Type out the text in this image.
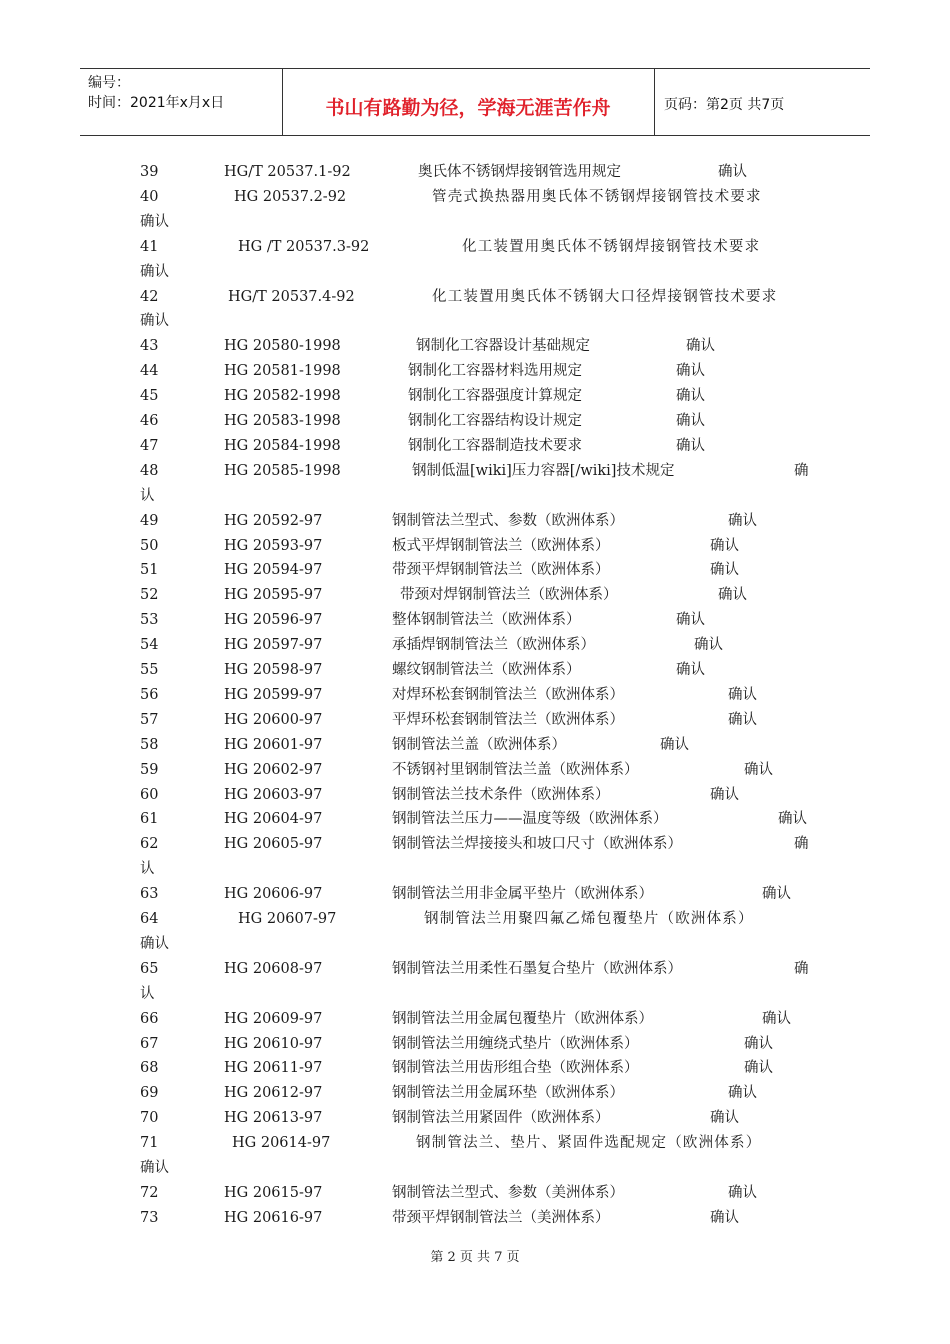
编号：
时间：2021年x月x日	书山有路勤为径，学海无涯苦作舟	页码：第2页 共7页
39	HG/T 20537.1-92	奥氏体不锈钢焊接钢管选用规定	确认
40	HG 20537.2-92	管壳式换热器用奥氏体不锈钢焊接钢管技术要求
确认
41	HG /T 20537.3-92	化工装置用奥氏体不锈钢焊接钢管技术要求
确认
42	HG/T 20537.4-92	化工装置用奥氏体不锈钢大口径焊接钢管技术要求
确认
43	HG 20580-1998	钢制化工容器设计基础规定	确认
44	HG 20581-1998	钢制化工容器材料选用规定	确认
45	HG 20582-1998	钢制化工容器强度计算规定	确认
46	HG 20583-1998	钢制化工容器结构设计规定	确认
47	HG 20584-1998	钢制化工容器制造技术要求	确认
48	HG 20585-1998	钢制低温[wiki]压力容器[/wiki]技术规定	确
认
49	HG 20592-97	钢制管法兰型式、参数（欧洲体系）	确认
50	HG 20593-97	板式平焊钢制管法兰（欧洲体系）	确认
51	HG 20594-97	带颈平焊钢制管法兰（欧洲体系）	确认
52	HG 20595-97	带颈对焊钢制管法兰（欧洲体系）	确认
53	HG 20596-97	整体钢制管法兰（欧洲体系）	确认
54	HG 20597-97	承插焊钢制管法兰（欧洲体系）	确认
55	HG 20598-97	螺纹钢制管法兰（欧洲体系）	确认
56	HG 20599-97	对焊环松套钢制管法兰（欧洲体系）	确认
57	HG 20600-97	平焊环松套钢制管法兰（欧洲体系）	确认
58	HG 20601-97	钢制管法兰盖（欧洲体系）	确认
59	HG 20602-97	不锈钢衬里钢制管法兰盖（欧洲体系）	确认
60	HG 20603-97	钢制管法兰技术条件（欧洲体系）	确认
61	HG 20604-97	钢制管法兰压力——温度等级（欧洲体系）	确认
62	HG 20605-97	钢制管法兰焊接接头和坡口尺寸（欧洲体系）	确
认
63	HG 20606-97	钢制管法兰用非金属平垫片（欧洲体系）	确认
64	HG 20607-97	钢制管法兰用聚四氟乙烯包覆垫片（欧洲体系）
确认
65	HG 20608-97	钢制管法兰用柔性石墨复合垫片（欧洲体系）	确
认
66	HG 20609-97	钢制管法兰用金属包覆垫片（欧洲体系）	确认
67	HG 20610-97	钢制管法兰用缠绕式垫片（欧洲体系）	确认
68	HG 20611-97	钢制管法兰用齿形组合垫（欧洲体系）	确认
69	HG 20612-97	钢制管法兰用金属环垫（欧洲体系）	确认
70	HG 20613-97	钢制管法兰用紧固件（欧洲体系）	确认
71	HG 20614-97	钢制管法兰、垫片、紧固件选配规定（欧洲体系）
确认
72	HG 20615-97	钢制管法兰型式、参数（美洲体系）	确认
73	HG 20616-97	带颈平焊钢制管法兰（美洲体系）	确认
第 2 页 共 7 页
